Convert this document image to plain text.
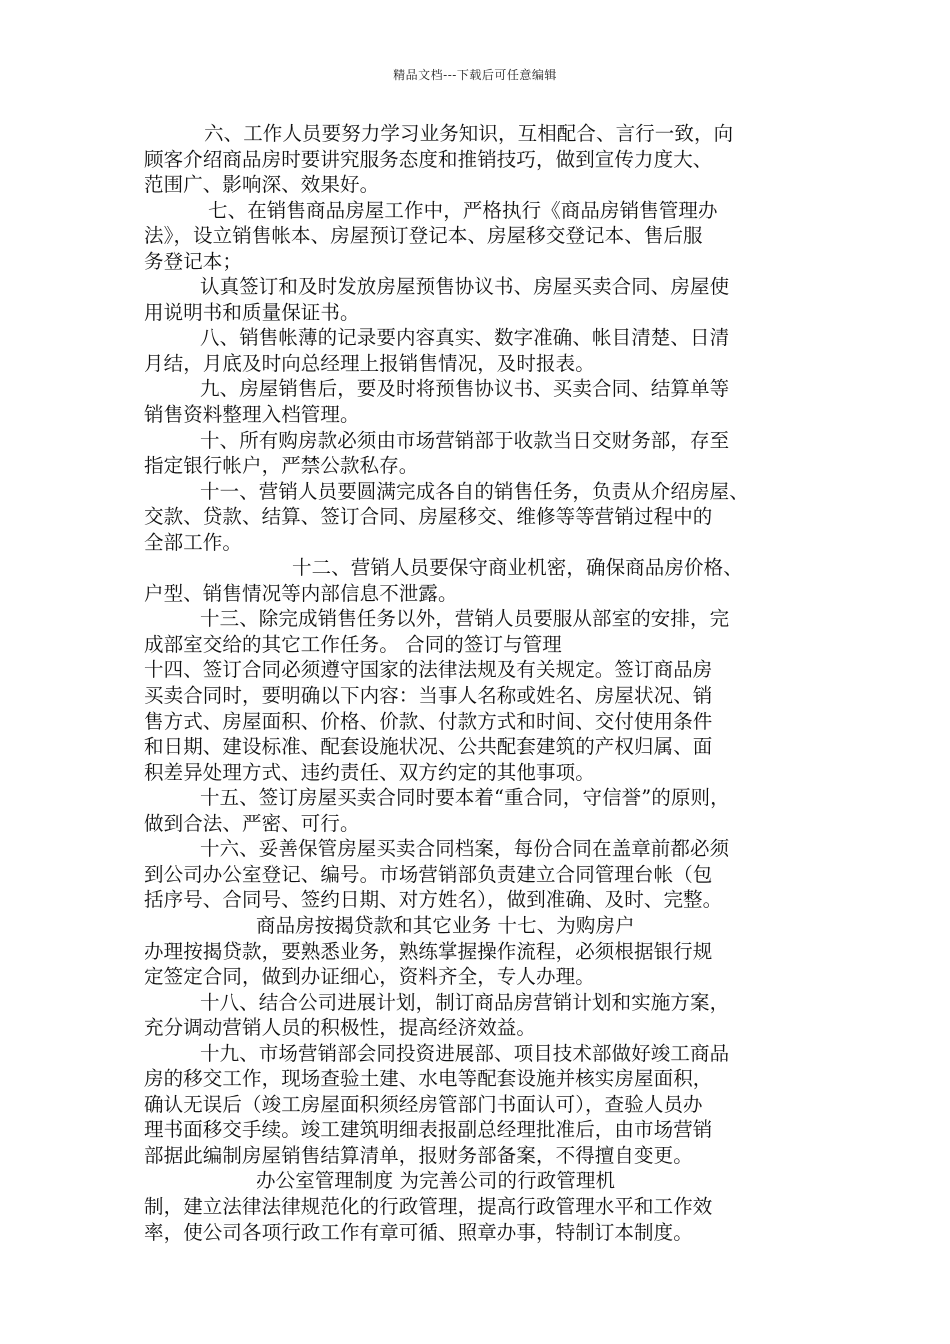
精品文档---下载后可任意编辑
六、工作人员要努力学习业务知识，互相配合、言行一致，向
顾客介绍商品房时要讲究服务态度和推销技巧，做到宣传力度大、
范围广、影响深、效果好。
七、在销售商品房屋工作中，严格执行《商品房销售管理办
法》，设立销售帐本、房屋预订登记本、房屋移交登记本、售后服
务登记本；
认真签订和及时发放房屋预售协议书、房屋买卖合同、房屋使
用说明书和质量保证书。
八、销售帐薄的记录要内容真实、数字准确、帐目清楚、日清
月结，月底及时向总经理上报销售情况，及时报表。
九、房屋销售后，要及时将预售协议书、买卖合同、结算单等
销售资料整理入档管理。
十、所有购房款必须由市场营销部于收款当日交财务部，存至
指定银行帐户，严禁公款私存。
十一、营销人员要圆满完成各自的销售任务，负责从介绍房屋、
交款、贷款、结算、签订合同、房屋移交、维修等等营销过程中的
全部工作。
十二、营销人员要保守商业机密，确保商品房价格、
户型、销售情况等内部信息不泄露。
十三、除完成销售任务以外，营销人员要服从部室的安排，完
成部室交给的其它工作任务。 合同的签订与管理
十四、签订合同必须遵守国家的法律法规及有关规定。签订商品房
买卖合同时，要明确以下内容：当事人名称或姓名、房屋状况、销
售方式、房屋面积、价格、价款、付款方式和时间、交付使用条件
和日期、建设标准、配套设施状况、公共配套建筑的产权归属、面
积差异处理方式、违约责任、双方约定的其他事项。
十五、签订房屋买卖合同时要本着“重合同，守信誉”的原则，
做到合法、严密、可行。
十六、妥善保管房屋买卖合同档案，每份合同在盖章前都必须
到公司办公室登记、编号。市场营销部负责建立合同管理台帐（包
括序号、合同号、签约日期、对方姓名），做到准确、及时、完整。
商品房按揭贷款和其它业务 十七、为购房户
办理按揭贷款，要熟悉业务，熟练掌握操作流程，必须根据银行规
定签定合同，做到办证细心，资料齐全，专人办理。
十八、结合公司进展计划，制订商品房营销计划和实施方案，
充分调动营销人员的积极性，提高经济效益。
十九、市场营销部会同投资进展部、项目技术部做好竣工商品
房的移交工作，现场查验土建、水电等配套设施并核实房屋面积，
确认无误后（竣工房屋面积须经房管部门书面认可），查验人员办
理书面移交手续。竣工建筑明细表报副总经理批准后，由市场营销
部据此编制房屋销售结算清单，报财务部备案，不得擅自变更。
办公室管理制度 为完善公司的行政管理机
制，建立法律法律规范化的行政管理，提高行政管理水平和工作效
率，使公司各项行政工作有章可循、照章办事，特制订本制度。
